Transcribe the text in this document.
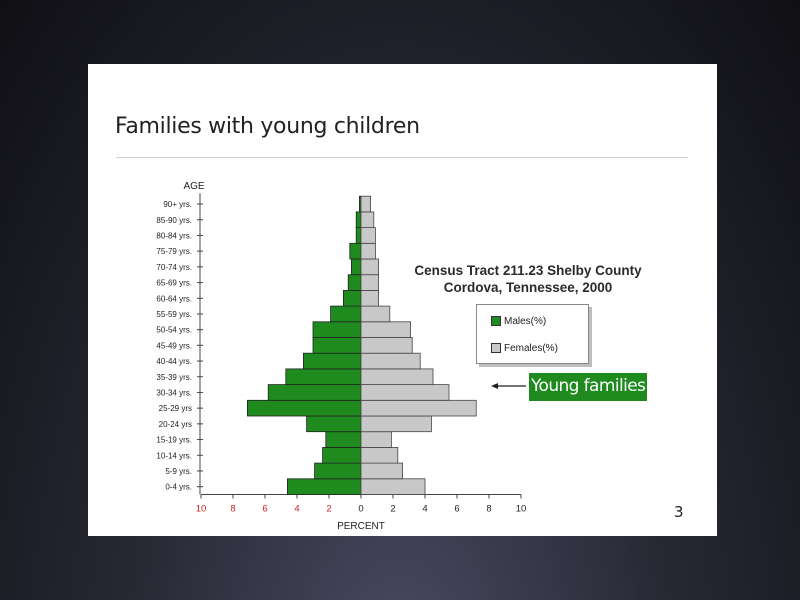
Families with young children
0-4 yrs.
5-9 yrs.
10-14 yrs.
15-19 yrs.
20-24 yrs
25-29 yrs
30-34 yrs.
35-39 yrs.
40-44 yrs.
45-49 yrs.
50-54 yrs.
55-59 yrs.
60-64 yrs.
65-69 yrs.
70-74 yrs.
75-79 yrs.
80-84 yrs.
85-90 yrs.
90+ yrs.
10	8	6	4	2	0	2	4	6	8	10
AGE
PERCENT
Census Tract 211.23 Shelby County
Cordova, Tennessee, 2000
Males(%)
Females(%)
Young families
3
